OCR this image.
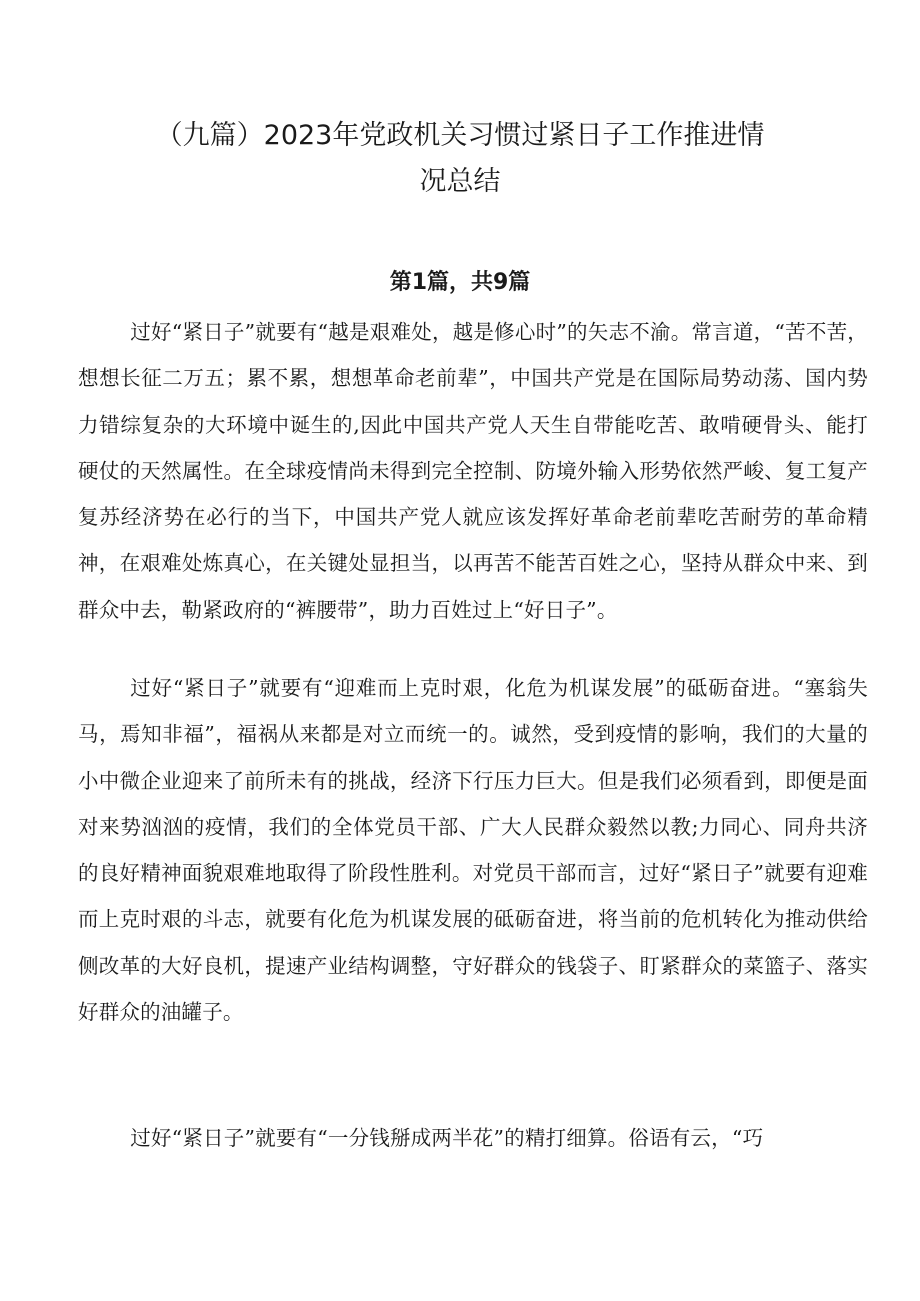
（九篇）2023年党政机关习惯过紧日子工作推进情
况总结
第1篇，共9篇

过好“紧日子”就要有“越是艰难处，越是修心时”的矢志不渝。常言道，“苦不苦，想想长征二万五；累不累，想想革命老前辈”，中国共产党是在国际局势动荡、国内势力错综复杂的大环境中诞生的,因此中国共产党人天生自带能吃苦、敢啃硬骨头、能打硬仗的天然属性。在全球疫情尚未得到完全控制、防境外输入形势依然严峻、复工复产复苏经济势在必行的当下，中国共产党人就应该发挥好革命老前辈吃苦耐劳的革命精神，在艰难处炼真心，在关键处显担当，以再苦不能苦百姓之心，坚持从群众中来、到群众中去，勒紧政府的“裤腰带”，助力百姓过上“好日子”。

过好“紧日子”就要有“迎难而上克时艰，化危为机谋发展”的砥砺奋进。“塞翁失马，焉知非福”，福祸从来都是对立而统一的。诚然，受到疫情的影响，我们的大量的小中微企业迎来了前所未有的挑战，经济下行压力巨大。但是我们必须看到，即便是面对来势汹汹的疫情，我们的全体党员干部、广大人民群众毅然以教;力同心、同舟共济的良好精神面貌艰难地取得了阶段性胜利。对党员干部而言，过好“紧日子”就要有迎难而上克时艰的斗志，就要有化危为机谋发展的砥砺奋进，将当前的危机转化为推动供给侧改革的大好良机，提速产业结构调整，守好群众的钱袋子、盯紧群众的菜篮子、落实好群众的油罐子。

过好“紧日子”就要有“一分钱掰成两半花”的精打细算。俗语有云，“巧
